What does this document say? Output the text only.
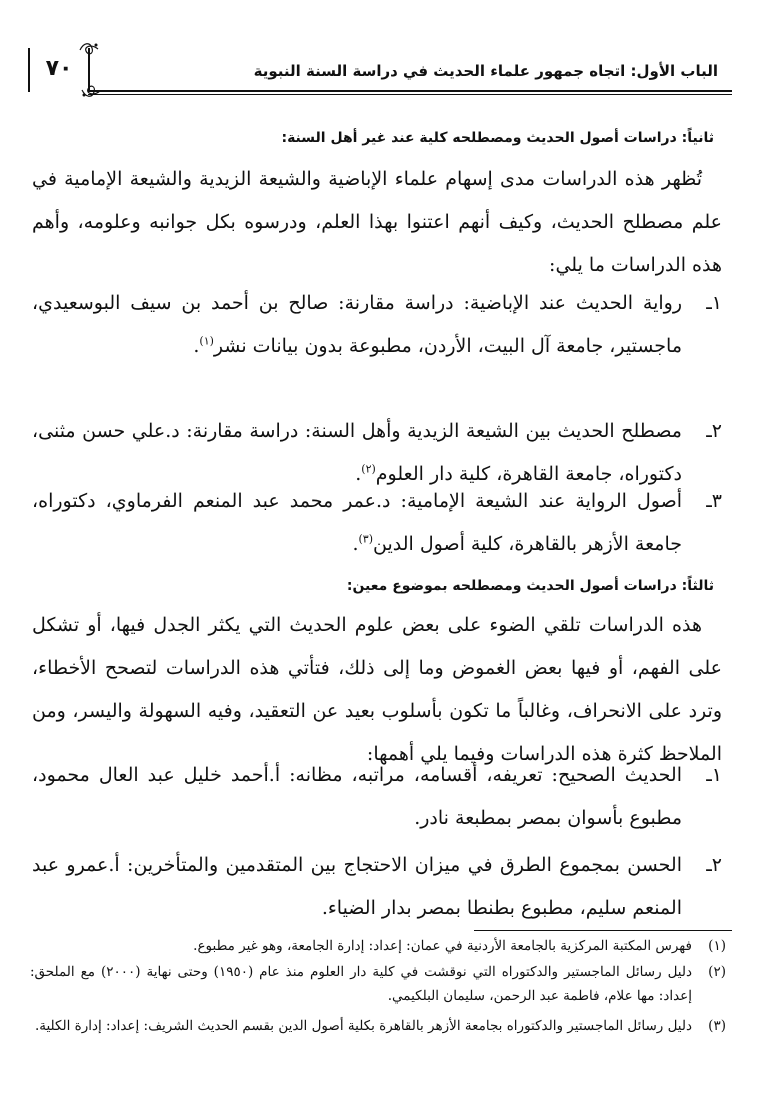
الباب الأول: اتجاه جمهور علماء الحديث في دراسة السنة النبوية
٧٠
ثانياً: دراسات أصول الحديث ومصطلحه كلية عند غير أهل السنة:

تُظهر هذه الدراسات مدى إسهام علماء الإباضية والشيعة الزيدية والشيعة الإمامية في علم مصطلح الحديث، وكيف أنهم اعتنوا بهذا العلم، ودرسوه بكل جوانبه وعلومه، وأهم هذه الدراسات ما يلي:

١ـ
رواية الحديث عند الإباضية: دراسة مقارنة: صالح بن أحمد بن سيف البوسعيدي، ماجستير، جامعة آل البيت، الأردن، مطبوعة بدون بيانات نشر$^{(١)}$.
٢ـ
مصطلح الحديث بين الشيعة الزيدية وأهل السنة: دراسة مقارنة: د.علي حسن مثنى، دكتوراه، جامعة القاهرة، كلية دار العلوم$^{(٢)}$.
٣ـ
أصول الرواية عند الشيعة الإمامية: د.عمر محمد عبد المنعم الفرماوي، دكتوراه، جامعة الأزهر بالقاهرة، كلية أصول الدين$^{(٣)}$.
ثالثاً: دراسات أصول الحديث ومصطلحه بموضوع معين:

هذه الدراسات تلقي الضوء على بعض علوم الحديث التي يكثر الجدل فيها، أو تشكل على الفهم، أو فيها بعض الغموض وما إلى ذلك، فتأتي هذه الدراسات لتصحح الأخطاء، وترد على الانحراف، وغالباً ما تكون بأسلوب بعيد عن التعقيد، وفيه السهولة واليسر، ومن الملاحظ كثرة هذه الدراسات وفيما يلي أهمها:

١ـ
الحديث الصحيح: تعريفه، أقسامه، مراتبه، مظانه: أ.أحمد خليل عبد العال محمود، مطبوع بأسوان بمصر بمطبعة نادر.
٢ـ
الحسن بمجموع الطرق في ميزان الاحتجاج بين المتقدمين والمتأخرين: أ.عمرو عبد المنعم سليم، مطبوع بطنطا بمصر بدار الضياء.
(١)
فهرس المكتبة المركزية بالجامعة الأردنية في عمان: إعداد: إدارة الجامعة، وهو غير مطبوع.
(٢)
دليل رسائل الماجستير والدكتوراه التي نوقشت في كلية دار العلوم منذ عام (١٩٥٠) وحتى نهاية (٢٠٠٠) مع الملحق: إعداد: مها علام، فاطمة عبد الرحمن، سليمان البلكيمي.
(٣)
دليل رسائل الماجستير والدكتوراه بجامعة الأزهر بالقاهرة بكلية أصول الدين بقسم الحديث الشريف: إعداد: إدارة الكلية.
